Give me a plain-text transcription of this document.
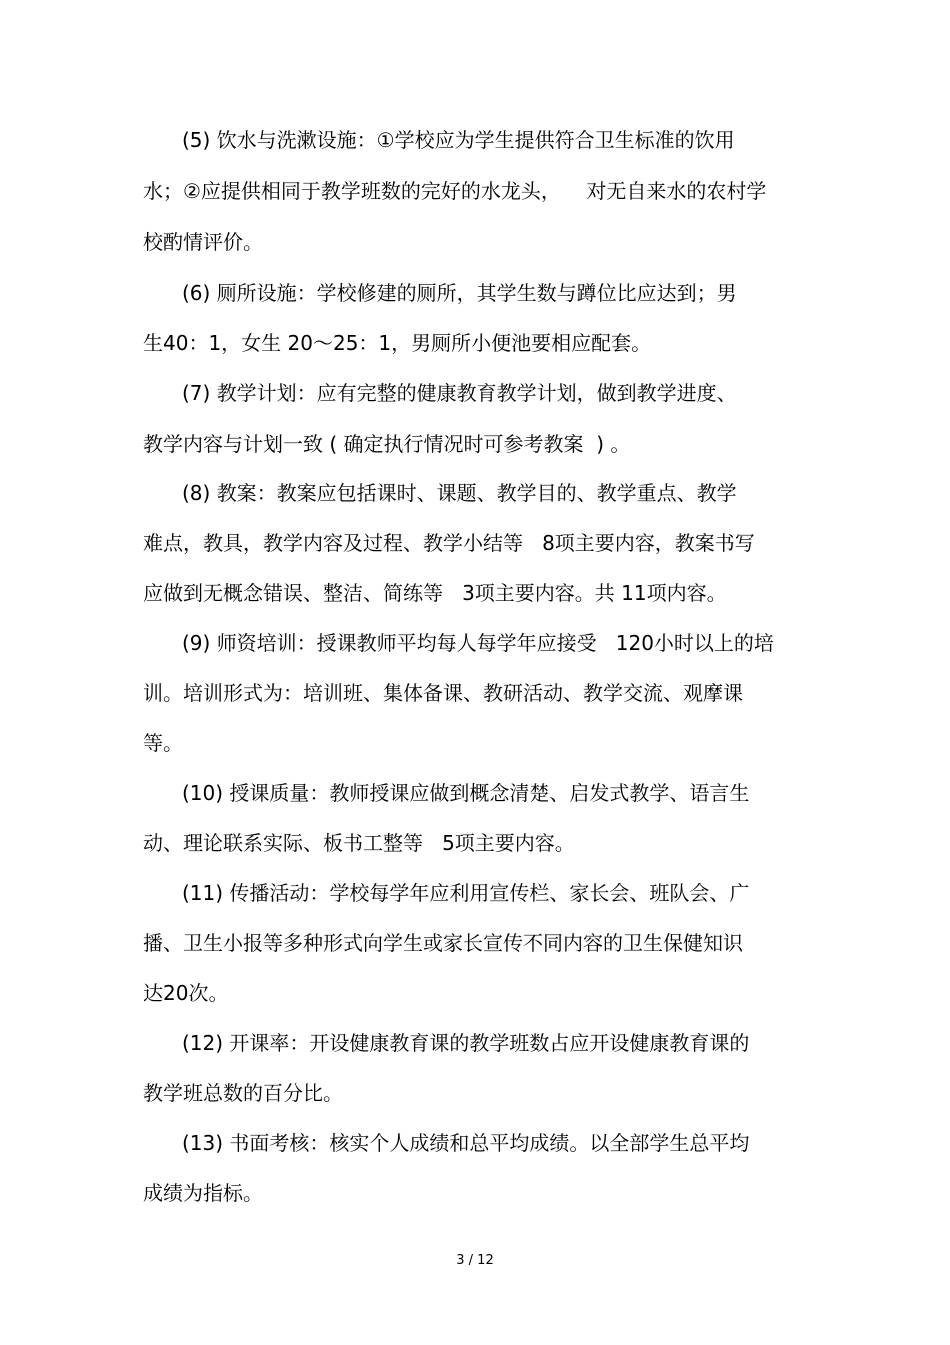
(5) 饮水与洗漱设施：①学校应为学生提供符合卫生标准的饮用
水；②应提供相同于教学班数的完好的水龙头，    对无自来水的农村学
校酌情评价。
(6) 厕所设施：学校修建的厕所，其学生数与蹲位比应达到；男
生40：1，女生 20～25：1，男厕所小便池要相应配套。
(7) 教学计划：应有完整的健康教育教学计划，做到教学进度、
教学内容与计划一致 ( 确定执行情况时可参考教案  ) 。
(8) 教案：教案应包括课时、课题、教学目的、教学重点、教学
难点，教具，教学内容及过程、教学小结等   8项主要内容，教案书写
应做到无概念错误、整洁、简练等   3项主要内容。共 11项内容。
(9) 师资培训：授课教师平均每人每学年应接受   120小时以上的培
训。培训形式为：培训班、集体备课、教研活动、教学交流、观摩课
等。
(10) 授课质量：教师授课应做到概念清楚、启发式教学、语言生
动、理论联系实际、板书工整等   5项主要内容。
(11) 传播活动：学校每学年应利用宣传栏、家长会、班队会、广
播、卫生小报等多种形式向学生或家长宣传不同内容的卫生保健知识
达20次。
(12) 开课率：开设健康教育课的教学班数占应开设健康教育课的
教学班总数的百分比。
(13) 书面考核：核实个人成绩和总平均成绩。以全部学生总平均
成绩为指标。
3 / 12
